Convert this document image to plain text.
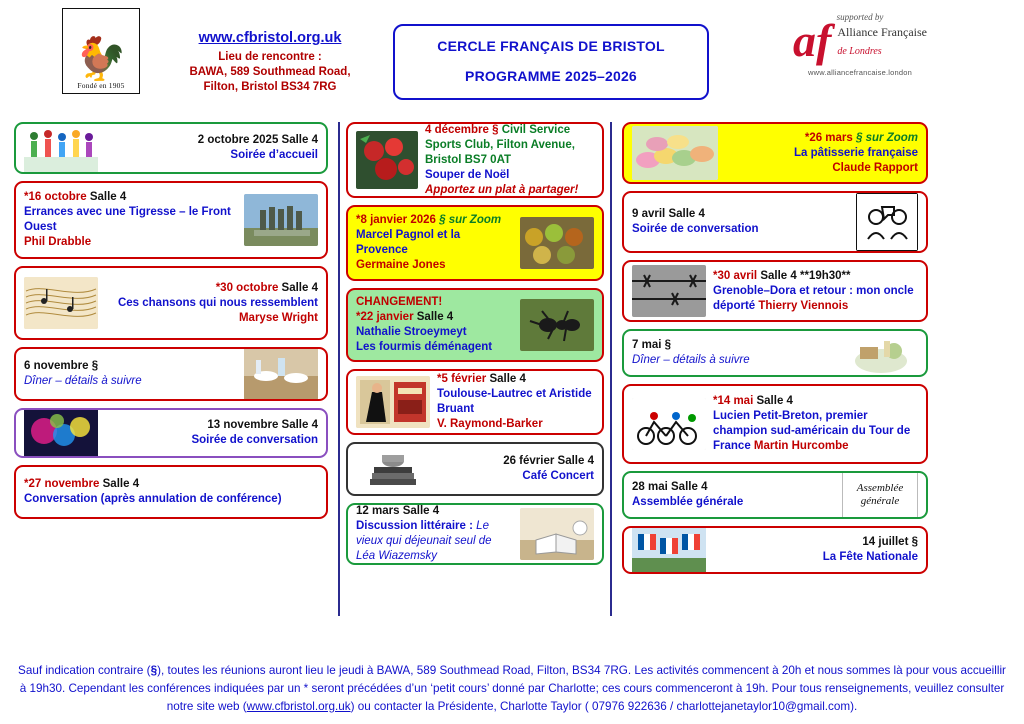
🐓
Fondé en 1905
www.cfbristol.org.uk
Lieu de rencontre :
BAWA, 589 Southmead Road,
Filton, Bristol BS34 7RG
CERCLE FRANÇAIS DE BRISTOL
PROGRAMME 2025–2026
supported by
af Alliance Française
de Londres
www.alliancefrancaise.london
2 octobre 2025 Salle 4
Soirée d’accueil
*16 octobre Salle 4
Errances avec une Tigresse – le Front Ouest
Phil Drabble
*30 octobre Salle 4
Ces chansons qui nous ressemblent
Maryse Wright
6 novembre §
Dîner – détails à suivre
13 novembre Salle 4
Soirée de conversation
*27 novembre Salle 4
Conversation (après annulation de conférence)
4 décembre § Civil Service Sports Club, Filton Avenue, Bristol BS7 0AT
Souper de Noël
Apportez un plat à partager!
*8 janvier 2026 § sur Zoom
Marcel Pagnol et la Provence
Germaine Jones
CHANGEMENT!
*22 janvier Salle 4
Nathalie Stroeymeyt
Les fourmis déménagent
*5 février Salle 4
Toulouse-Lautrec et Aristide Bruant
V. Raymond-Barker
26 février Salle 4
Café Concert
12 mars Salle 4
Discussion littéraire : Le vieux qui déjeunait seul de Léa Wiazemsky
*26 mars § sur Zoom
La pâtisserie française
Claude Rapport
9 avril Salle 4
Soirée de conversation
*30 avril Salle 4 **19h30**
Grenoble–Dora et retour : mon oncle déporté Thierry Viennois
7 mai §
Dîner – détails à suivre
*14 mai Salle 4
Lucien Petit-Breton, premier champion sud-américain du Tour de France Martin Hurcombe
28 mai Salle 4
Assemblée générale
Assemblée générale
14 juillet §
La Fête Nationale
Sauf indication contraire (§), toutes les réunions auront lieu le jeudi à BAWA, 589 Southmead Road, Filton, BS34 7RG. Les activités commencent à 20h et nous sommes là pour vous accueillir à 19h30. Cependant les conférences indiquées par un * seront précédées d’un ‘petit cours’ donné par Charlotte; ces cours commenceront à 19h. Pour tous renseignements, veuillez consulter notre site web (www.cfbristol.org.uk) ou contacter la Présidente, Charlotte Taylor ( 07976 922636 / charlottejanetaylor10@gmail.com).
